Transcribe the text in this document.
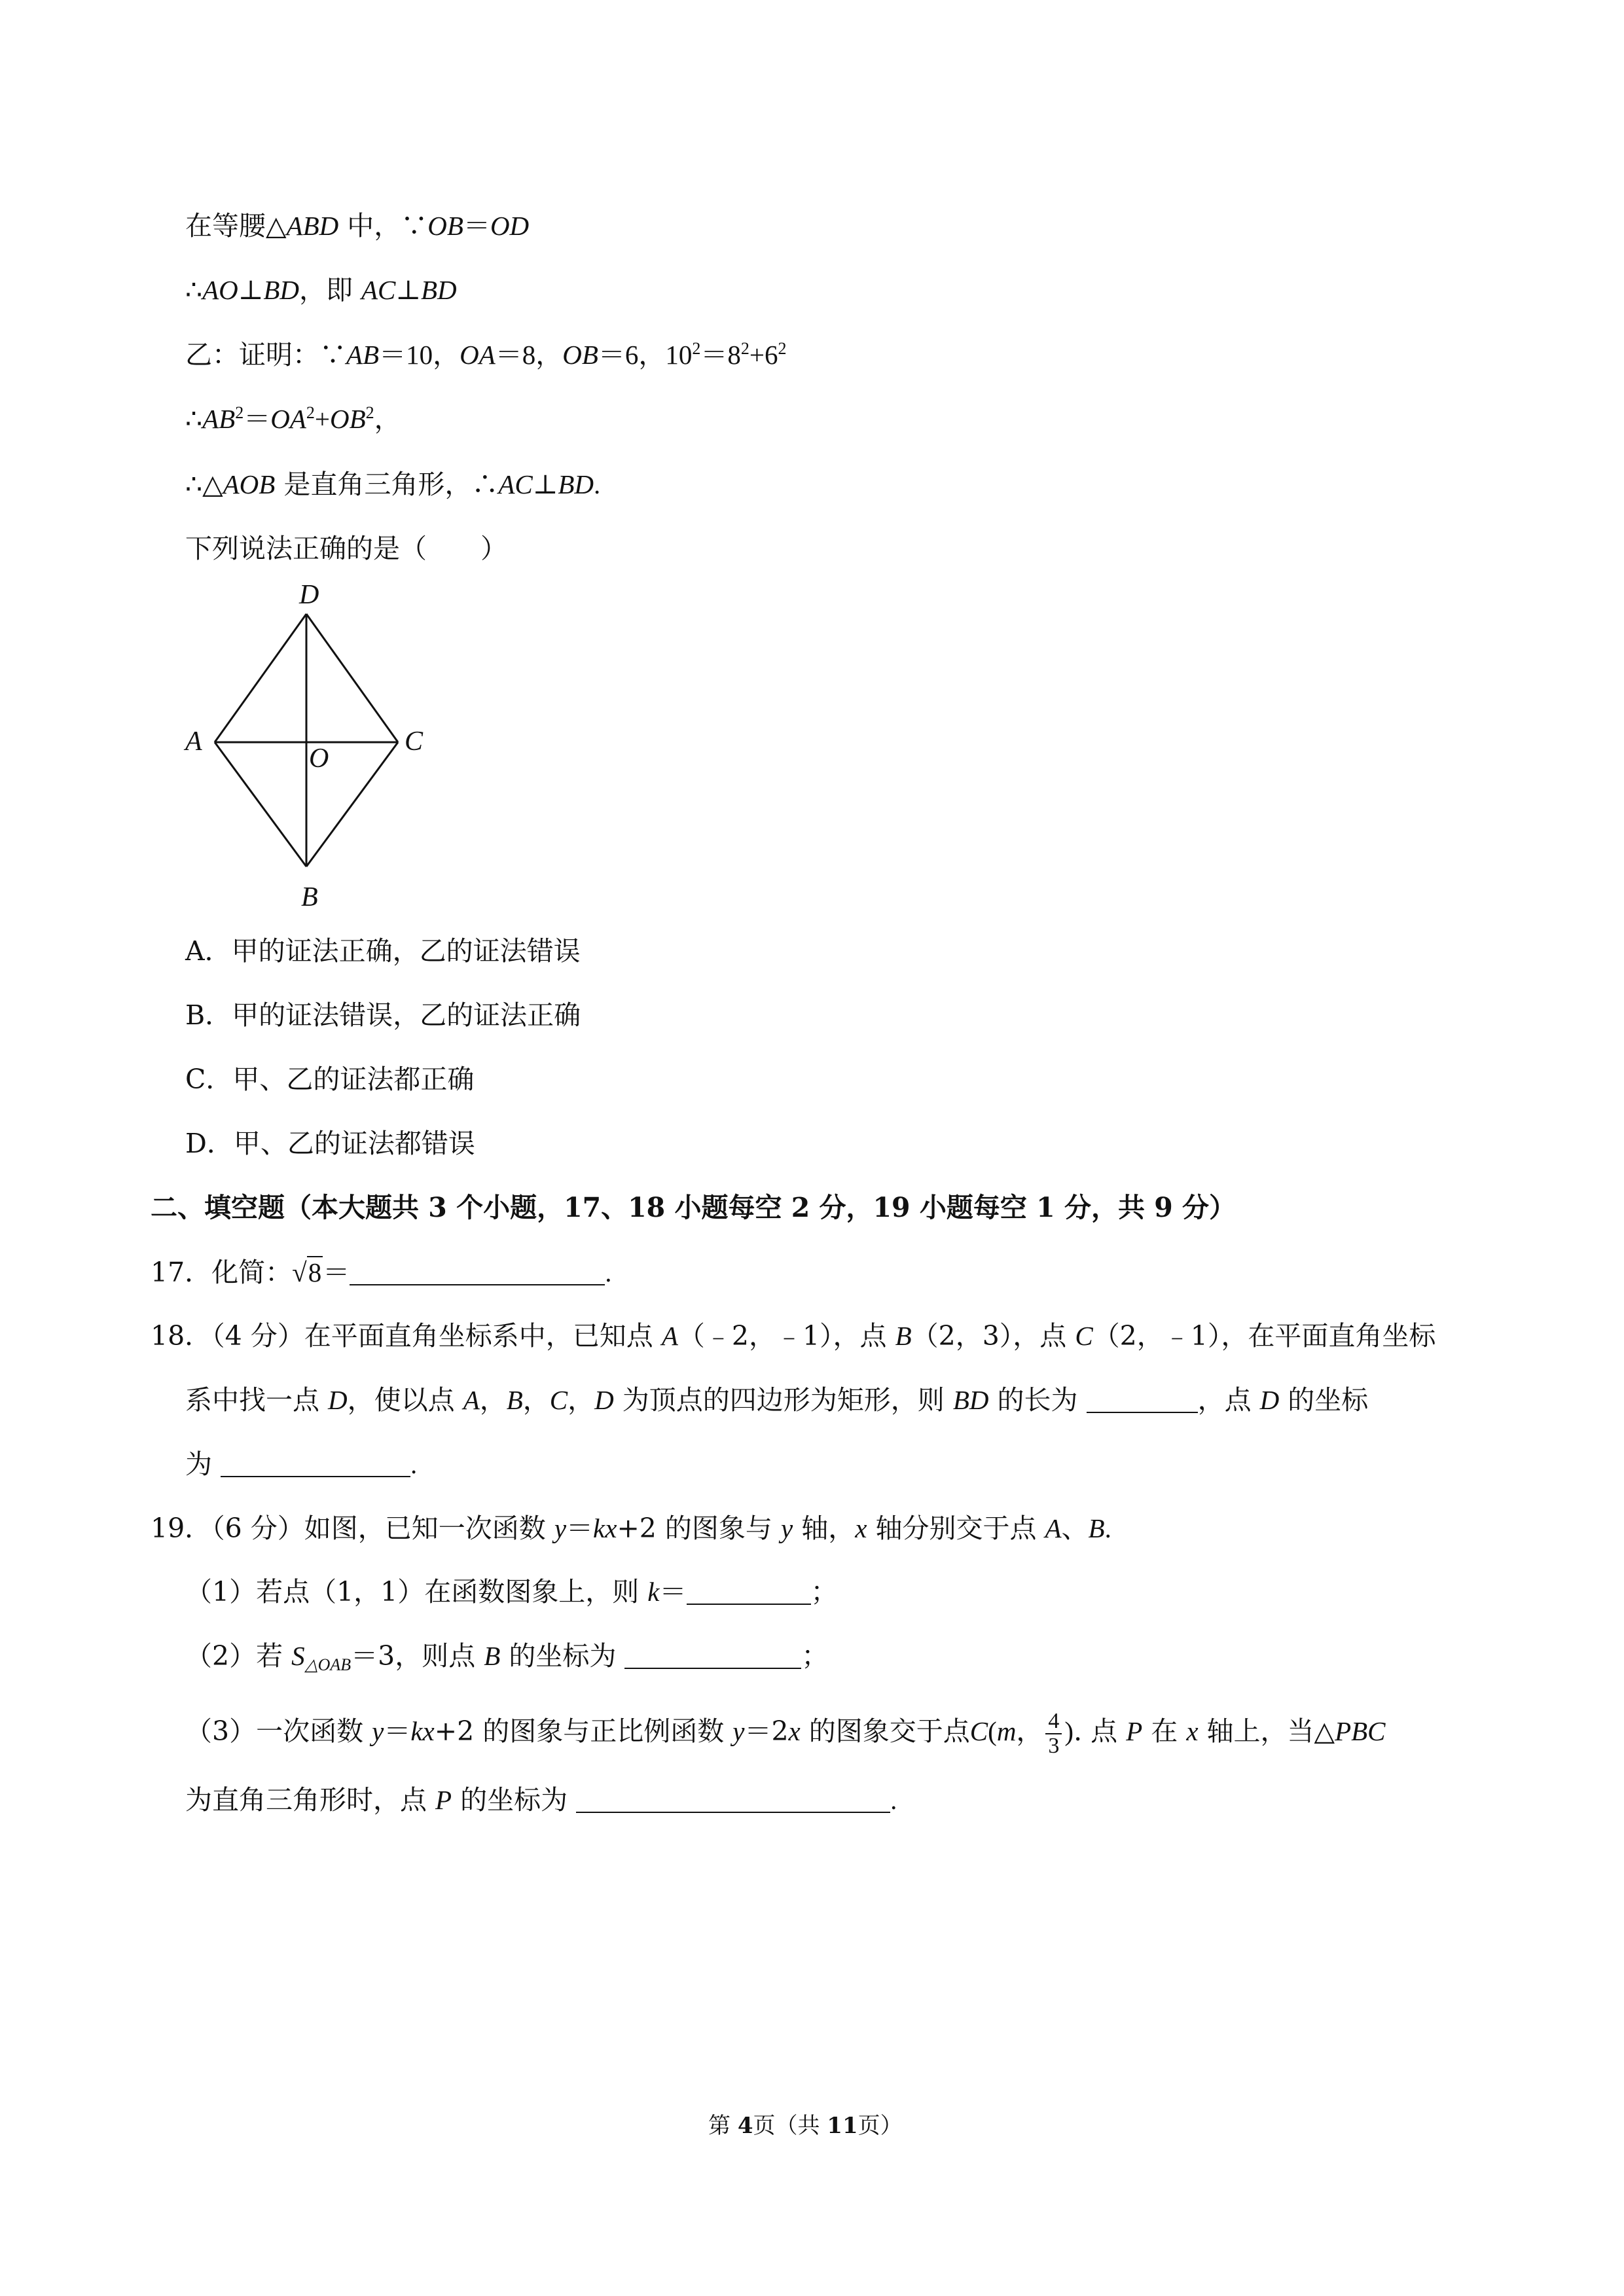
在等腰△ABD 中，∵OB＝OD
∴AO⊥BD，即 AC⊥BD
乙：证明：∵AB＝10，OA＝8，OB＝6，$10^2=8^2+6^2$
$\therefore AB^2=OA^2+OB^2$，
∴△AOB 是直角三角形，∴AC⊥BD.
下列说法正确的是（　　）
D
A
O
C
B
A．甲的证法正确，乙的证法错误
B．甲的证法错误，乙的证法正确
C．甲、乙的证法都正确
D．甲、乙的证法都错误
二、填空题（本大题共 3 个小题，17、18 小题每空 2 分，19 小题每空 1 分，共 9 分）
17．化简：√8＝	.
18．（4 分）在平面直角坐标系中，已知点 A（﹣2，﹣1），点 B（2，3），点 C（2，﹣1），在平面直角坐标
系中找一点 D，使以点 A，B，C，D 为顶点的四边形为矩形，则 BD 的长为	，点 D 的坐标
为	.
19．（6 分）如图，已知一次函数 y＝kx+2 的图象与 y 轴，x 轴分别交于点 A、B.
（1）若点（1，1）在函数图象上，则 k＝	；
（2）若 $S_{\triangle OAB}=3$，则点 B 的坐标为	；
（3）一次函数 y＝kx+2 的图象与正比例函数 y＝2x 的图象交于点C(m， $\frac{4}{3}$ ). 点 P 在 x 轴上，当△PBC
为直角三角形时，点 P 的坐标为	.
第 4页（共 11页）
